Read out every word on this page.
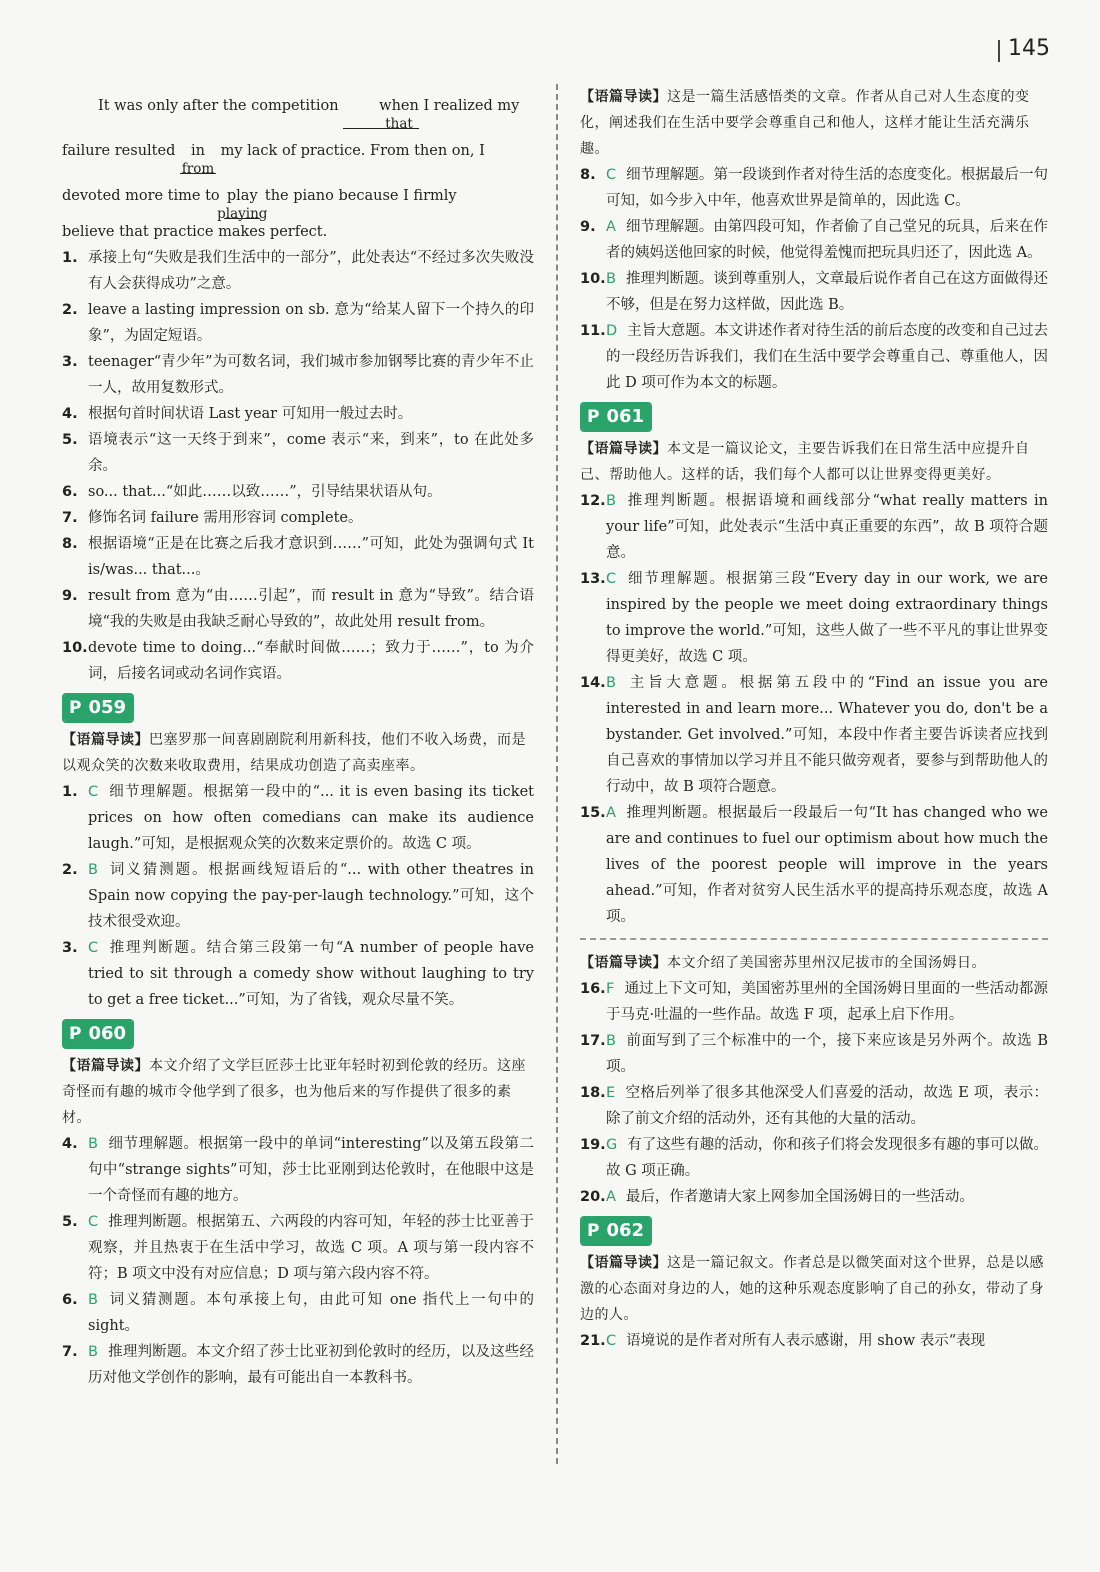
145

It was only after the competition	when
that
I realized my

failure resulted in
from
my lack of practice. From then on, I

devoted more time to play
playing
the piano because I firmly

believe that practice makes perfect.

1. 承接上句“失败是我们生活中的一部分”，此处表达“不经过多次失败没有人会获得成功”之意。
2. leave a lasting impression on sb. 意为“给某人留下一个持久的印象”，为固定短语。
3. teenager“青少年”为可数名词，我们城市参加钢琴比赛的青少年不止一人，故用复数形式。
4. 根据句首时间状语 Last year 可知用一般过去时。
5. 语境表示“这一天终于到来”，come 表示“来，到来”，to 在此处多余。
6. so... that...“如此……以致……”，引导结果状语从句。
7. 修饰名词 failure 需用形容词 complete。
8. 根据语境“正是在比赛之后我才意识到……”可知，此处为强调句式 It is/was... that...。
9. result from 意为“由……引起”，而 result in 意为“导致”。结合语境“我的失败是由我缺乏耐心导致的”，故此处用 result from。
10. devote time to doing...“奉献时间做……；致力于……”，to 为介词，后接名词或动名词作宾语。
P 059

【语篇导读】巴塞罗那一间喜剧剧院利用新科技，他们不收入场费，而是以观众笑的次数来收取费用，结果成功创造了高卖座率。

1. C 细节理解题。根据第一段中的“... it is even basing its ticket prices on how often comedians can make its audience laugh.”可知，是根据观众笑的次数来定票价的。故选 C 项。
2. B 词义猜测题。根据画线短语后的“... with other theatres in Spain now copying the pay-per-laugh technology.”可知，这个技术很受欢迎。
3. C 推理判断题。结合第三段第一句“A number of people have tried to sit through a comedy show without laughing to try to get a free ticket...”可知，为了省钱，观众尽量不笑。
P 060

【语篇导读】本文介绍了文学巨匠莎士比亚年轻时初到伦敦的经历。这座奇怪而有趣的城市令他学到了很多，也为他后来的写作提供了很多的素材。

4. B 细节理解题。根据第一段中的单词“interesting”以及第五段第二句中“strange sights”可知，莎士比亚刚到达伦敦时，在他眼中这是一个奇怪而有趣的地方。
5. C 推理判断题。根据第五、六两段的内容可知，年轻的莎士比亚善于观察，并且热衷于在生活中学习，故选 C 项。A 项与第一段内容不符；B 项文中没有对应信息；D 项与第六段内容不符。
6. B 词义猜测题。本句承接上句，由此可知 one 指代上一句中的 sight。
7. B 推理判断题。本文介绍了莎士比亚初到伦敦时的经历，以及这些经历对他文学创作的影响，最有可能出自一本教科书。

【语篇导读】这是一篇生活感悟类的文章。作者从自己对人生态度的变化，阐述我们在生活中要学会尊重自己和他人，这样才能让生活充满乐趣。

8. C 细节理解题。第一段谈到作者对待生活的态度变化。根据最后一句可知，如今步入中年，他喜欢世界是简单的，因此选 C。
9. A 细节理解题。由第四段可知，作者偷了自己堂兄的玩具，后来在作者的姨妈送他回家的时候，他觉得羞愧而把玩具归还了，因此选 A。
10. B 推理判断题。谈到尊重别人，文章最后说作者自己在这方面做得还不够，但是在努力这样做，因此选 B。
11. D 主旨大意题。本文讲述作者对待生活的前后态度的改变和自己过去的一段经历告诉我们，我们在生活中要学会尊重自己、尊重他人，因此 D 项可作为本文的标题。
P 061

【语篇导读】本文是一篇议论文，主要告诉我们在日常生活中应提升自己、帮助他人。这样的话，我们每个人都可以让世界变得更美好。

12. B 推理判断题。根据语境和画线部分“what really matters in your life”可知，此处表示“生活中真正重要的东西”，故 B 项符合题意。
13. C 细节理解题。根据第三段“Every day in our work, we are inspired by the people we meet doing extraordinary things to improve the world.”可知，这些人做了一些不平凡的事让世界变得更美好，故选 C 项。
14. B 主旨大意题。根据第五段中的“Find an issue you are interested in and learn more... Whatever you do, don't be a bystander. Get involved.”可知，本段中作者主要告诉读者应找到自己喜欢的事情加以学习并且不能只做旁观者，要参与到帮助他人的行动中，故 B 项符合题意。
15. A 推理判断题。根据最后一段最后一句“It has changed who we are and continues to fuel our optimism about how much the lives of the poorest people will improve in the years ahead.”可知，作者对贫穷人民生活水平的提高持乐观态度，故选 A 项。

【语篇导读】本文介绍了美国密苏里州汉尼拔市的全国汤姆日。

16. F 通过上下文可知，美国密苏里州的全国汤姆日里面的一些活动都源于马克·吐温的一些作品。故选 F 项，起承上启下作用。
17. B 前面写到了三个标准中的一个，接下来应该是另外两个。故选 B 项。
18. E 空格后列举了很多其他深受人们喜爱的活动，故选 E 项，表示：除了前文介绍的活动外，还有其他的大量的活动。
19. G 有了这些有趣的活动，你和孩子们将会发现很多有趣的事可以做。故 G 项正确。
20. A 最后，作者邀请大家上网参加全国汤姆日的一些活动。
P 062

【语篇导读】这是一篇记叙文。作者总是以微笑面对这个世界，总是以感激的心态面对身边的人，她的这种乐观态度影响了自己的孙女，带动了身边的人。

21. C 语境说的是作者对所有人表示感谢，用 show 表示“表现
